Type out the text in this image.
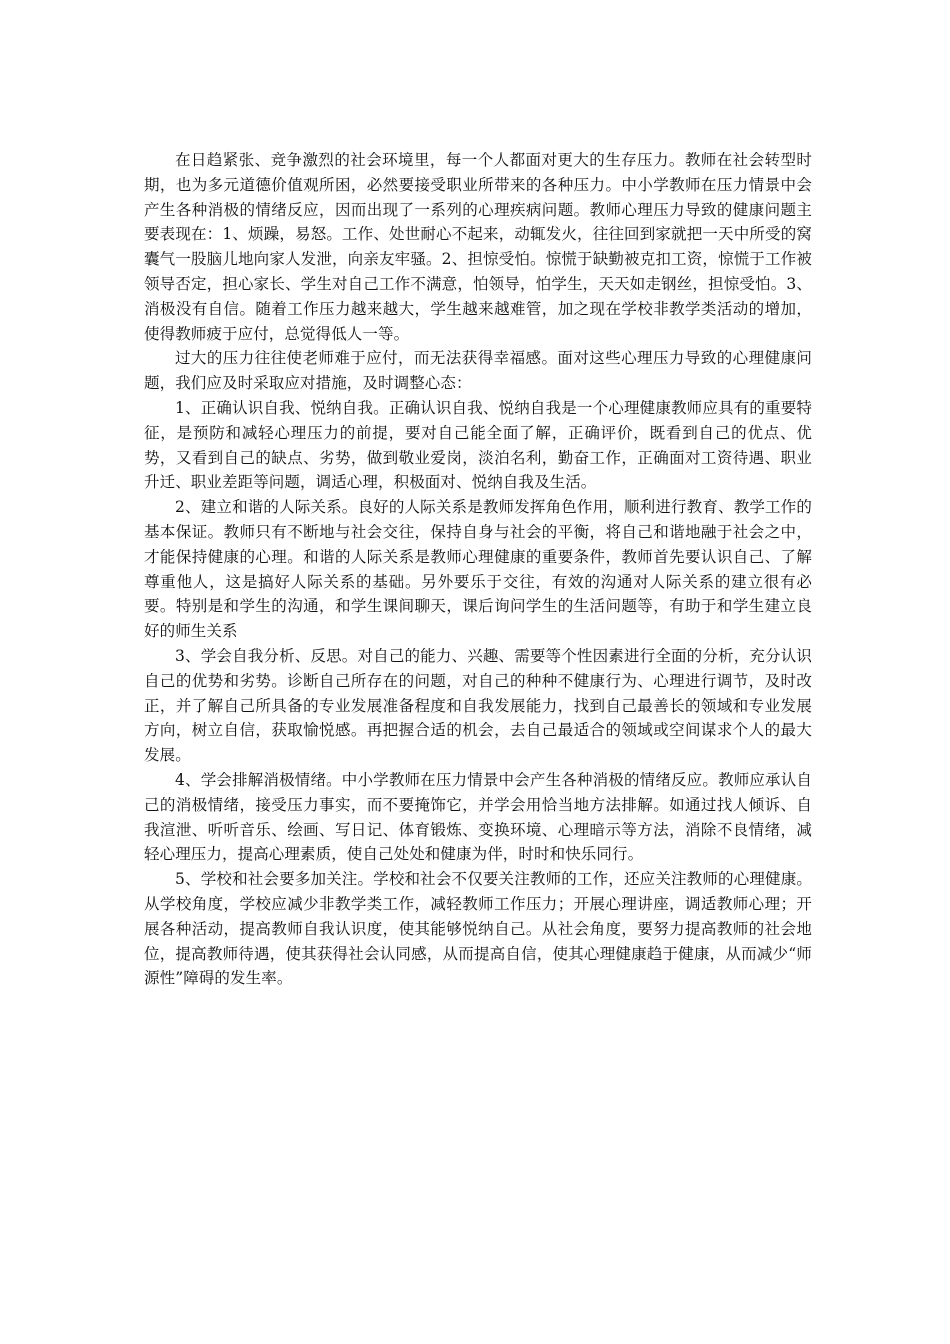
在日趋紧张、竞争激烈的社会环境里，每一个人都面对更大的生存压力。教师在社会转型时期，也为多元道德价值观所困，必然要接受职业所带来的各种压力。中小学教师在压力情景中会产生各种消极的情绪反应，因而出现了一系列的心理疾病问题。教师心理压力导致的健康问题主要表现在：1、烦躁，易怒。工作、处世耐心不起来，动辄发火，往往回到家就把一天中所受的窝囊气一股脑儿地向家人发泄，向亲友牢骚。2、担惊受怕。惊慌于缺勤被克扣工资，惊慌于工作被领导否定，担心家长、学生对自己工作不满意，怕领导，怕学生，天天如走钢丝，担惊受怕。3、消极没有自信。随着工作压力越来越大，学生越来越难管，加之现在学校非教学类活动的增加，使得教师疲于应付，总觉得低人一等。

过大的压力往往使老师难于应付，而无法获得幸福感。面对这些心理压力导致的心理健康问题，我们应及时采取应对措施，及时调整心态：

1、正确认识自我、悦纳自我。正确认识自我、悦纳自我是一个心理健康教师应具有的重要特征，是预防和减轻心理压力的前提，要对自己能全面了解，正确评价，既看到自己的优点、优势，又看到自己的缺点、劣势，做到敬业爱岗，淡泊名利，勤奋工作，正确面对工资待遇、职业升迁、职业差距等问题，调适心理，积极面对、悦纳自我及生活。

2、建立和谐的人际关系。良好的人际关系是教师发挥角色作用，顺利进行教育、教学工作的基本保证。教师只有不断地与社会交往，保持自身与社会的平衡，将自己和谐地融于社会之中，才能保持健康的心理。和谐的人际关系是教师心理健康的重要条件，教师首先要认识自己、了解尊重他人，这是搞好人际关系的基础。另外要乐于交往，有效的沟通对人际关系的建立很有必要。特别是和学生的沟通，和学生课间聊天，课后询问学生的生活问题等，有助于和学生建立良好的师生关系

3、学会自我分析、反思。对自己的能力、兴趣、需要等个性因素进行全面的分析，充分认识自己的优势和劣势。诊断自己所存在的问题，对自己的种种不健康行为、心理进行调节，及时改正，并了解自己所具备的专业发展准备程度和自我发展能力，找到自己最善长的领域和专业发展方向，树立自信，获取愉悦感。再把握合适的机会，去自己最适合的领域或空间谋求个人的最大发展。

4、学会排解消极情绪。中小学教师在压力情景中会产生各种消极的情绪反应。教师应承认自己的消极情绪，接受压力事实，而不要掩饰它，并学会用恰当地方法排解。如通过找人倾诉、自我渲泄、听听音乐、绘画、写日记、体育锻炼、变换环境、心理暗示等方法，消除不良情绪，减轻心理压力，提高心理素质，使自己处处和健康为伴，时时和快乐同行。

5、学校和社会要多加关注。学校和社会不仅要关注教师的工作，还应关注教师的心理健康。从学校角度，学校应减少非教学类工作，减轻教师工作压力；开展心理讲座，调适教师心理；开展各种活动，提高教师自我认识度，使其能够悦纳自己。从社会角度，要努力提高教师的社会地位，提高教师待遇，使其获得社会认同感，从而提高自信，使其心理健康趋于健康，从而减少“师源性”障碍的发生率。
